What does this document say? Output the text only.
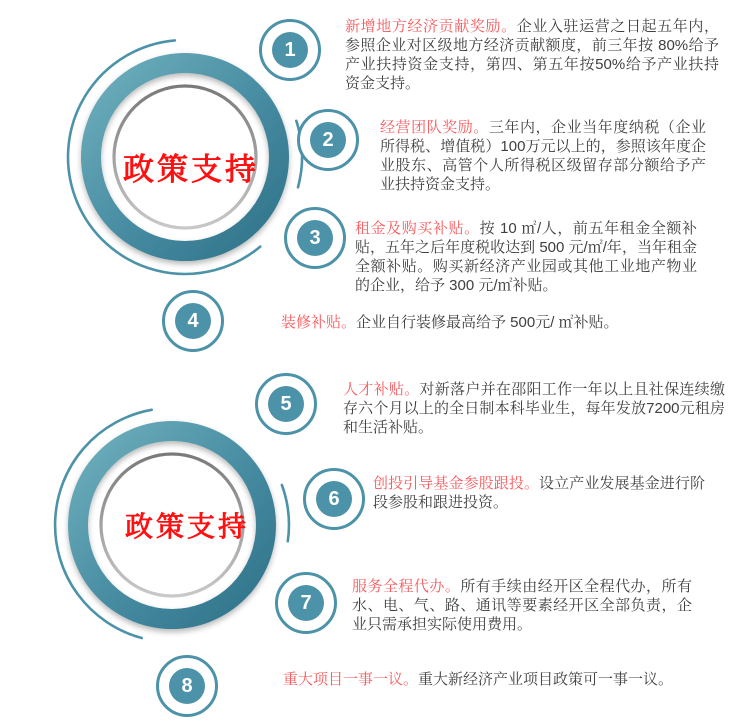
政策支持
政策支持
1
2
3
4
5
6
7
8
新增地方经济贡献奖励。企业入驻运营之日起五年内，参照企业对区级地方经济贡献额度，前三年按 80%给予产业扶持资金支持，第四、第五年按50%给予产业扶持资金支持。
经营团队奖励。三年内，企业当年度纳税（企业所得税、增值税）100万元以上的，参照该年度企业股东、高管个人所得税区级留存部分额给予产业扶持资金支持。
租金及购买补贴。按 10 ㎡/人，前五年租金全额补贴，五年之后年度税收达到 500 元/㎡/年，当年租金全额补贴。购买新经济产业园或其他工业地产物业的企业，给予 300 元/㎡补贴。
装修补贴。企业自行装修最高给予 500元/ ㎡补贴。
人才补贴。对新落户并在邵阳工作一年以上且社保连续缴存六个月以上的全日制本科毕业生，每年发放7200元租房和生活补贴。
创投引导基金参股跟投。设立产业发展基金进行阶段参股和跟进投资。
服务全程代办。所有手续由经开区全程代办，所有水、电、气、路、通讯等要素经开区全部负责，企业只需承担实际使用费用。
重大项目一事一议。重大新经济产业项目政策可一事一议。
